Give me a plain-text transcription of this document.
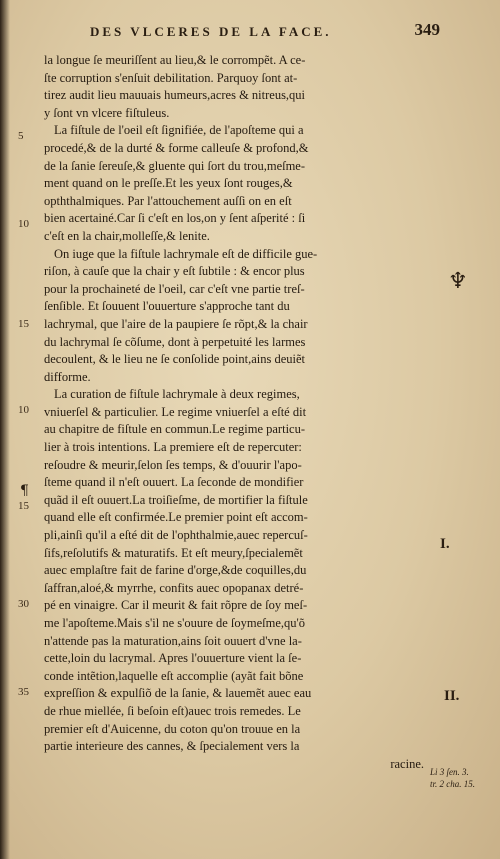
DES VLCERES DE LA FACE.	349
5
10
15
10
15
30
35
¶
♆
I.
II.
Li 3 ſen. 3.
tr. 2 cha. 15.
la longue ſe meuriſſent au lieu,& le corrompẽt. A ce-
ſte corruption s'enſuit debilitation. Parquoy ſont at-
tirez audit lieu mauuais humeurs,acres & nitreus,qui
y ſont vn vlcere fiſtuleus.
La fiſtule de l'oeil eſt ſignifiée, de l'apoſteme qui a
procedé,& de la durté & forme calleuſe & profond,&
de la ſanie ſereuſe,& gluente qui ſort du trou,meſme-
ment quand on le preſſe.Et les yeux ſont rouges,&
opththalmiques. Par l'attouchement auſſi on en eſt
bien acertainé.Car ſi c'eſt en los,on y ſent aſperité : ſi
c'eſt en la chair,molleſſe,& lenite.
On iuge que la fiſtule lachrymale eſt de difficile gue-
riſon, à cauſe que la chair y eſt ſubtile : & encor plus
pour la prochaineté de l'oeil, car c'eſt vne partie treſ-
ſenſible. Et ſouuent l'ouuerture s'approche tant du
lachrymal, que l'aire de la paupiere ſe rõpt,& la chair
du lachrymal ſe cõſume, dont à perpetuité les larmes
decoulent, & le lieu ne ſe conſolide point,ains deuiẽt
difforme.
La curation de fiſtule lachrymale à deux regimes,
vniuerſel & particulier. Le regime vniuerſel a eſté dit
au chapitre de fiſtule en commun.Le regime particu-
lier à trois intentions. La premiere eſt de repercuter:
reſoudre & meurir,ſelon ſes temps, & d'ouurir l'apo-
ſteme quand il n'eſt ouuert. La ſeconde de mondifier
quãd il eſt ouuert.La troiſieſme, de mortifier la fiſtule
quand elle eſt confirmée.Le premier point eſt accom-
pli,ainſi qu'il a eſté dit de l'ophthalmie,auec repercuſ-
ſifs,reſolutifs & maturatifs. Et eſt meury,ſpecialemẽt
auec emplaſtre fait de farine d'orge,&de coquilles,du
ſaffran,aloé,& myrrhe, confits auec opopanax detré-
pé en vinaigre. Car il meurit & fait rõpre de ſoy meſ-
me l'apoſteme.Mais s'il ne s'ouure de ſoymeſme,qu'õ
n'attende pas la maturation,ains ſoit ouuert d'vne la-
cette,loin du lacrymal. Apres l'ouuerture vient la ſe-
conde intẽtion,laquelle eſt accomplie (ayãt fait bõne
expreſſion & expulſiõ de la ſanie, & lauemẽt auec eau
de rhue miellée, ſi beſoin eſt)auec trois remedes. Le
premier eſt d'Auicenne, du coton qu'on trouue en la
partie interieure des cannes, & ſpecialement vers la
racine.
